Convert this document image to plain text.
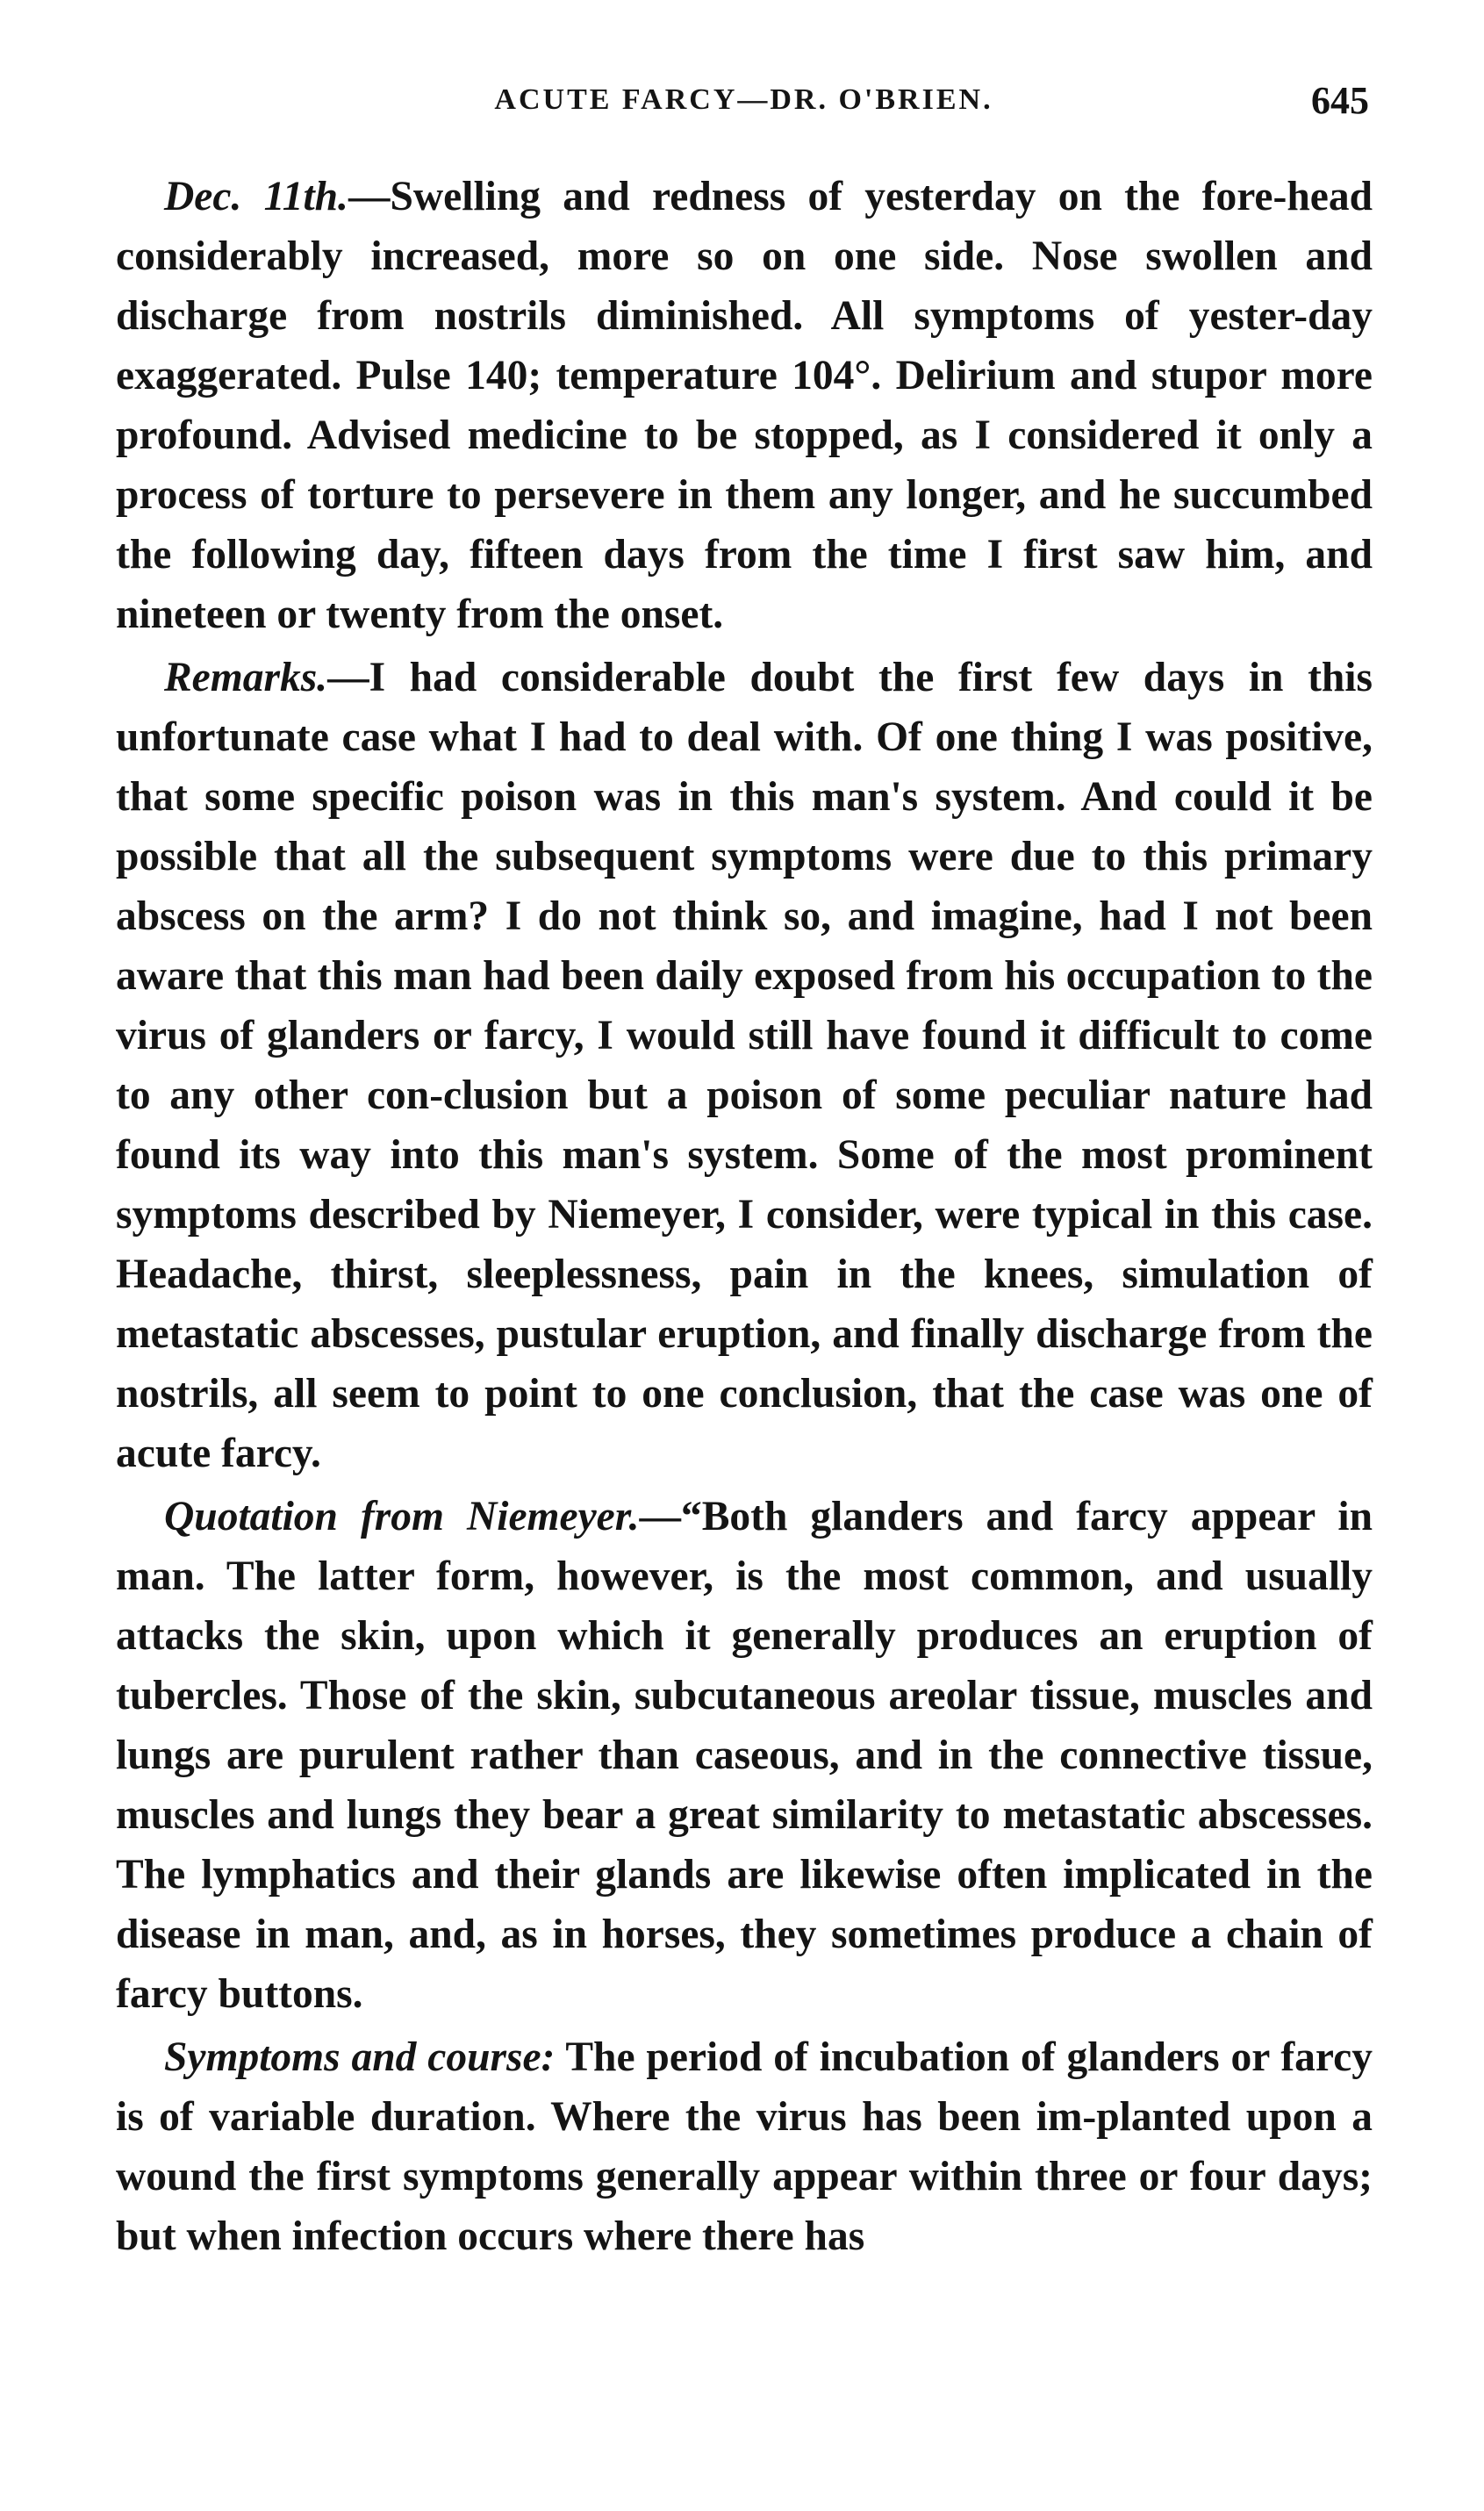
ACUTE FARCY—DR. O'BRIEN.	645

Dec. 11th.—Swelling and redness of yesterday on the fore-head considerably increased, more so on one side. Nose swollen and discharge from nostrils diminished. All symptoms of yester-day exaggerated. Pulse 140; temperature 104°. Delirium and stupor more profound. Advised medicine to be stopped, as I considered it only a process of torture to persevere in them any longer, and he succumbed the following day, fifteen days from the time I first saw him, and nineteen or twenty from the onset.

Remarks.—I had considerable doubt the first few days in this unfortunate case what I had to deal with. Of one thing I was positive, that some specific poison was in this man's system. And could it be possible that all the subsequent symptoms were due to this primary abscess on the arm? I do not think so, and imagine, had I not been aware that this man had been daily exposed from his occupation to the virus of glanders or farcy, I would still have found it difficult to come to any other con-clusion but a poison of some peculiar nature had found its way into this man's system. Some of the most prominent symptoms described by Niemeyer, I consider, were typical in this case. Headache, thirst, sleeplessness, pain in the knees, simulation of metastatic abscesses, pustular eruption, and finally discharge from the nostrils, all seem to point to one conclusion, that the case was one of acute farcy.

Quotation from Niemeyer.—“Both glanders and farcy appear in man. The latter form, however, is the most common, and usually attacks the skin, upon which it generally produces an eruption of tubercles. Those of the skin, subcutaneous areolar tissue, muscles and lungs are purulent rather than caseous, and in the connective tissue, muscles and lungs they bear a great similarity to metastatic abscesses. The lymphatics and their glands are likewise often implicated in the disease in man, and, as in horses, they sometimes produce a chain of farcy buttons.

Symptoms and course: The period of incubation of glanders or farcy is of variable duration. Where the virus has been im-planted upon a wound the first symptoms generally appear within three or four days; but when infection occurs where there has
